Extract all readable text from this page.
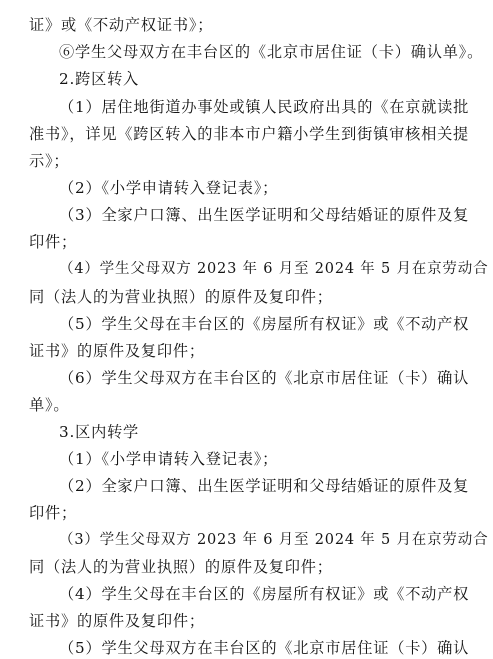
证》或《不动产权证书》；
⑥学生父母双方在丰台区的《北京市居住证（卡）确认单》。
2.跨区转入
（1）居住地街道办事处或镇人民政府出具的《在京就读批
准书》，详见《跨区转入的非本市户籍小学生到街镇审核相关提
示》；
（2）《小学申请转入登记表》；
（3）全家户口簿、出生医学证明和父母结婚证的原件及复
印件；
（4）学生父母双方 2023 年 6 月至 2024 年 5 月在京劳动合
同（法人的为营业执照）的原件及复印件；
（5）学生父母在丰台区的《房屋所有权证》或《不动产权
证书》的原件及复印件；
（6）学生父母双方在丰台区的《北京市居住证（卡）确认
单》。
3.区内转学
（1）《小学申请转入登记表》；
（2）全家户口簿、出生医学证明和父母结婚证的原件及复
印件；
（3）学生父母双方 2023 年 6 月至 2024 年 5 月在京劳动合
同（法人的为营业执照）的原件及复印件；
（4）学生父母在丰台区的《房屋所有权证》或《不动产权
证书》的原件及复印件；
（5）学生父母双方在丰台区的《北京市居住证（卡）确认
